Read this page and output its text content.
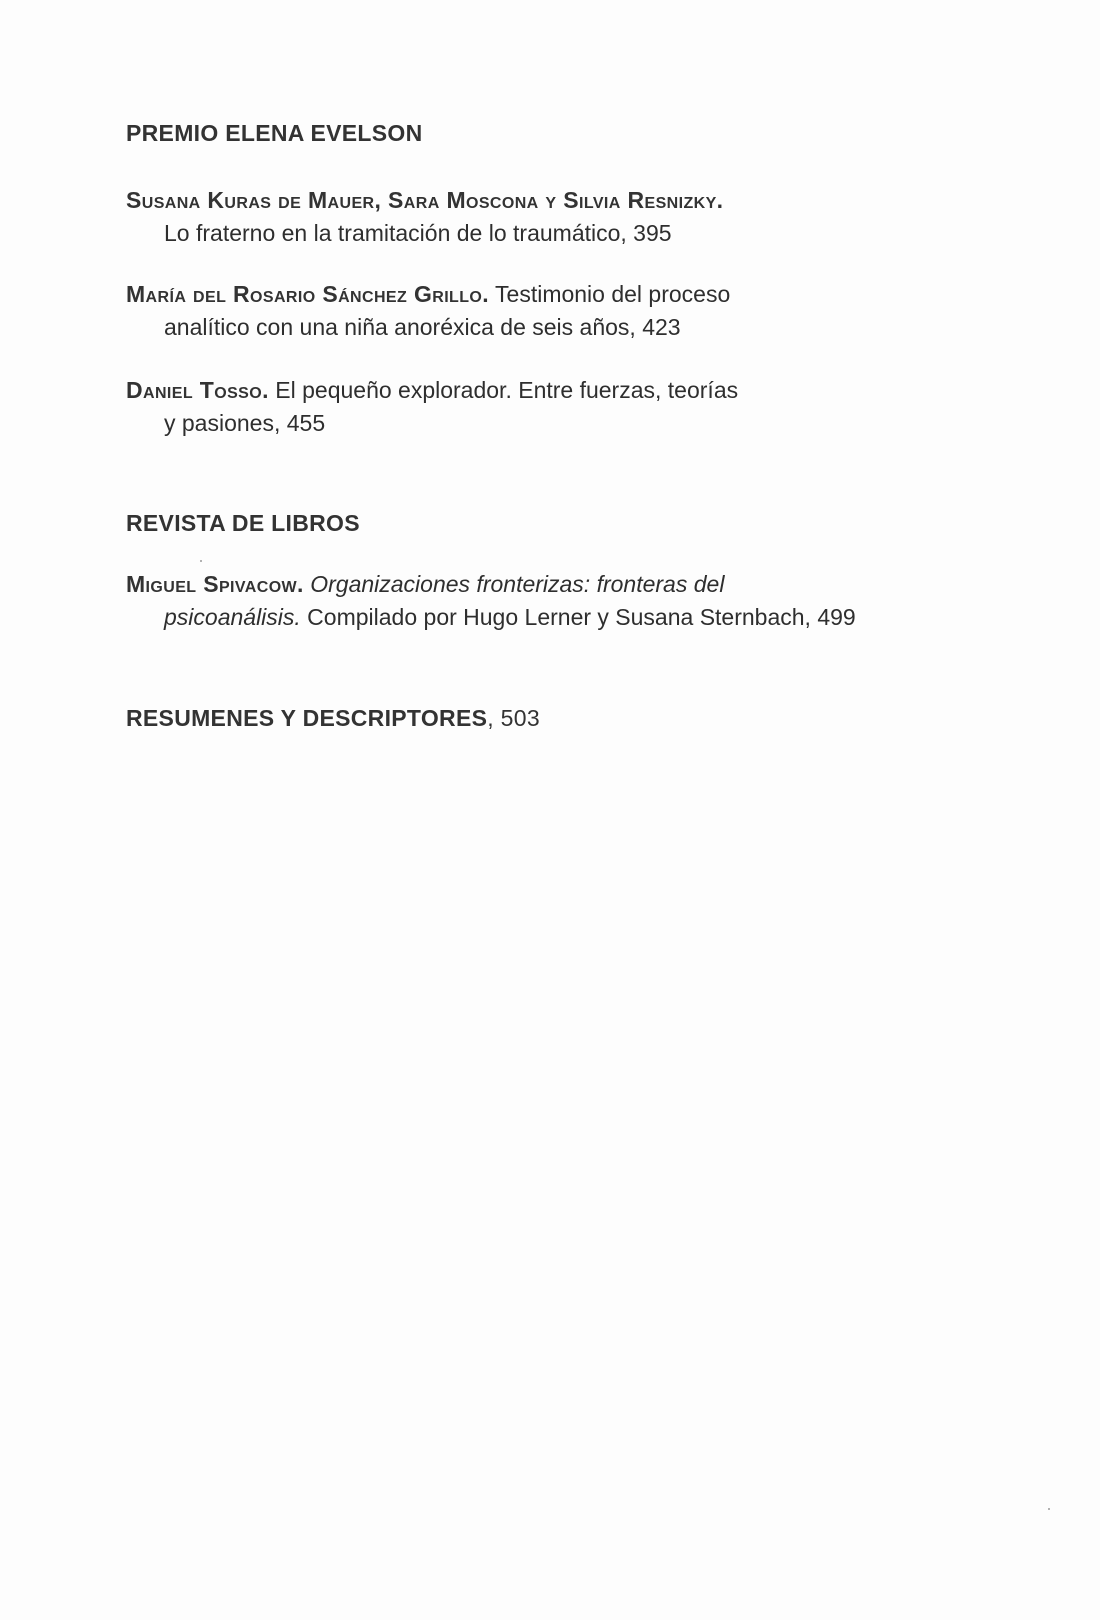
PREMIO ELENA EVELSON
Susana Kuras de Mauer, Sara Moscona y Silvia Resnizky.
Lo fraterno en la tramitación de lo traumático, 395
María del Rosario Sánchez Grillo. Testimonio del proceso
analítico con una niña anoréxica de seis años, 423
Daniel Tosso. El pequeño explorador. Entre fuerzas, teorías
y pasiones, 455
REVISTA DE LIBROS
Miguel Spivacow. Organizaciones fronterizas: fronteras del
psicoanálisis. Compilado por Hugo Lerner y Susana Sternbach, 499
RESUMENES Y DESCRIPTORES, 503
